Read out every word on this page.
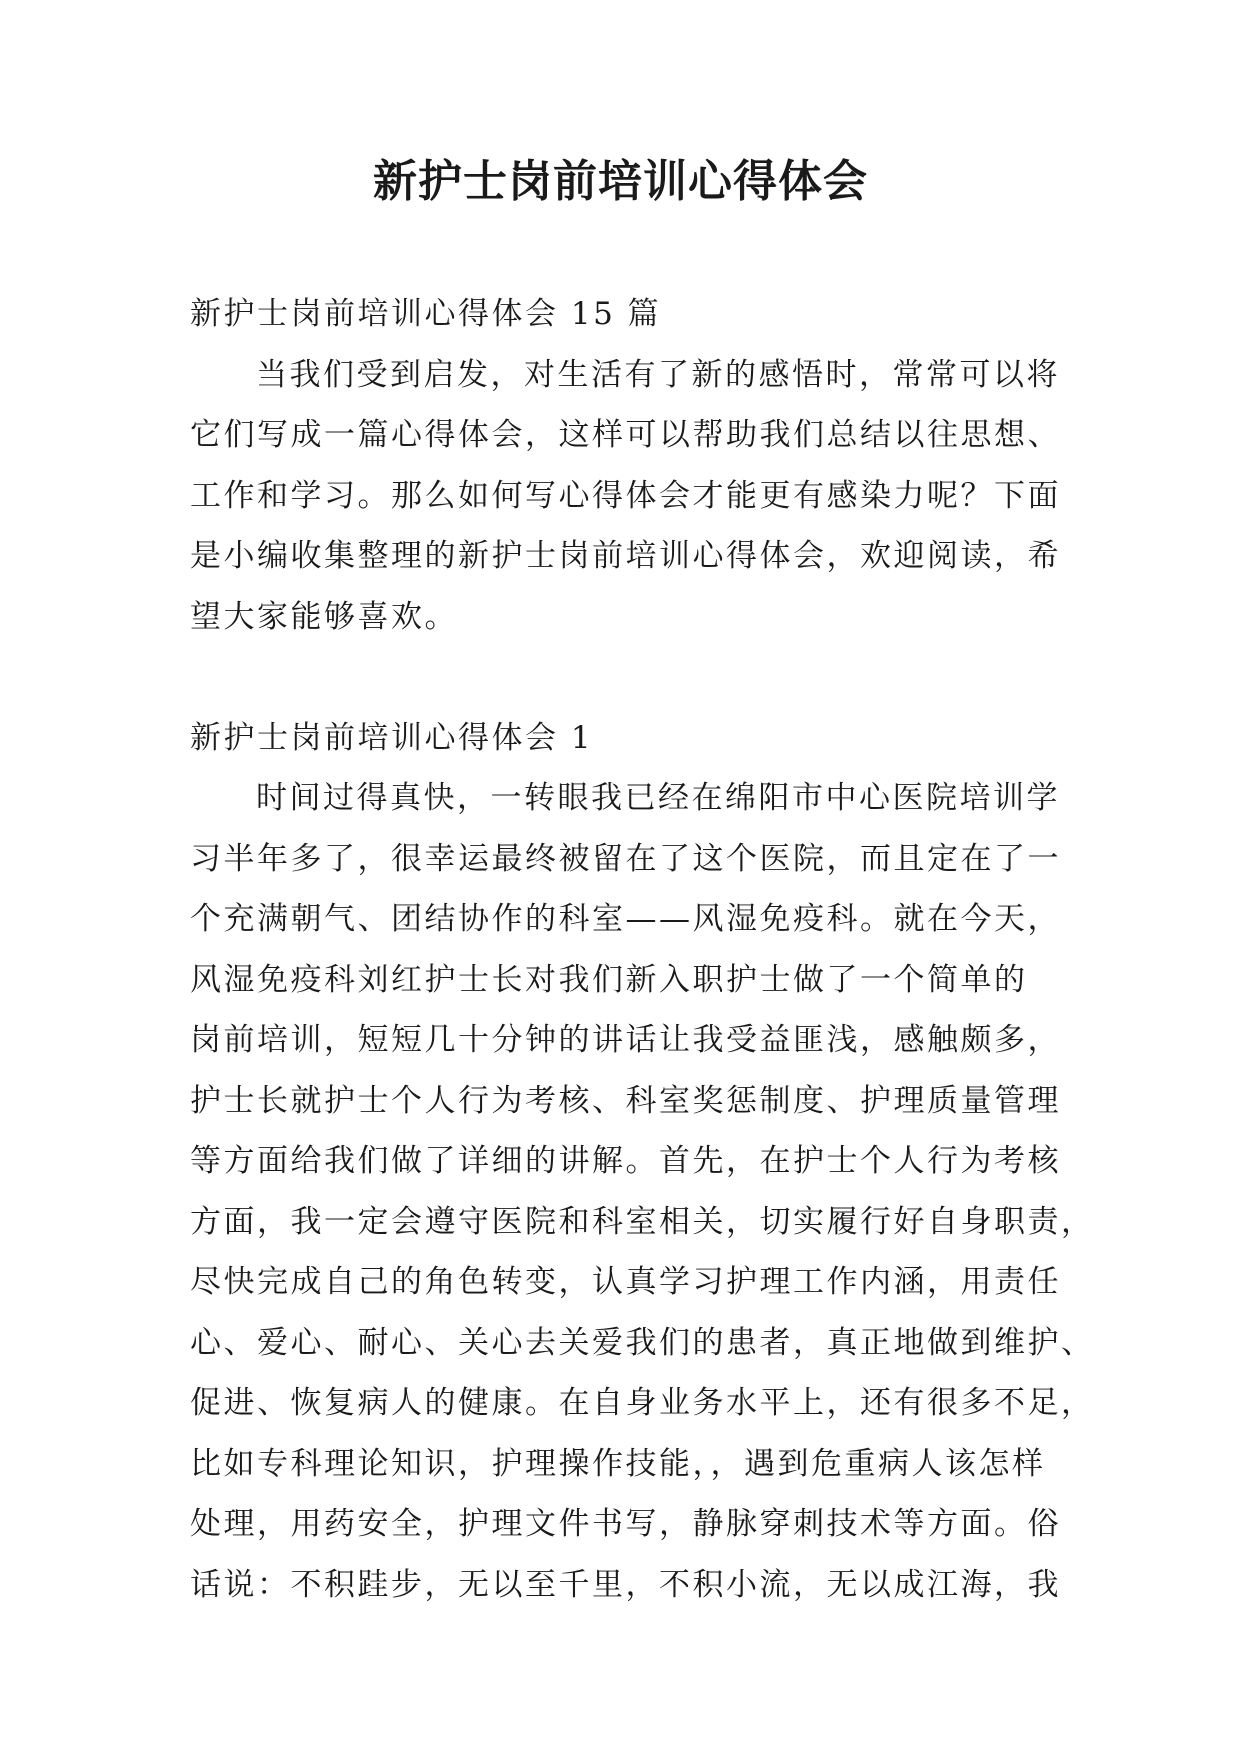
新护士岗前培训心得体会
新护士岗前培训心得体会 15 篇
当我们受到启发，对生活有了新的感悟时，常常可以将
它们写成一篇心得体会，这样可以帮助我们总结以往思想、
工作和学习。那么如何写心得体会才能更有感染力呢？下面
是小编收集整理的新护士岗前培训心得体会，欢迎阅读，希
望大家能够喜欢。
新护士岗前培训心得体会 1
时间过得真快，一转眼我已经在绵阳市中心医院培训学
习半年多了，很幸运最终被留在了这个医院，而且定在了一
个充满朝气、团结协作的科室——风湿免疫科。就在今天，
风湿免疫科刘红护士长对我们新入职护士做了一个简单的
岗前培训，短短几十分钟的讲话让我受益匪浅，感触颇多，
护士长就护士个人行为考核、科室奖惩制度、护理质量管理
等方面给我们做了详细的讲解。首先，在护士个人行为考核
方面，我一定会遵守医院和科室相关，切实履行好自身职责，
尽快完成自己的角色转变，认真学习护理工作内涵，用责任
心、爱心、耐心、关心去关爱我们的患者，真正地做到维护、
促进、恢复病人的健康。在自身业务水平上，还有很多不足，
比如专科理论知识，护理操作技能，，遇到危重病人该怎样
处理，用药安全，护理文件书写，静脉穿刺技术等方面。俗
话说：不积跬步，无以至千里，不积小流，无以成江海，我
